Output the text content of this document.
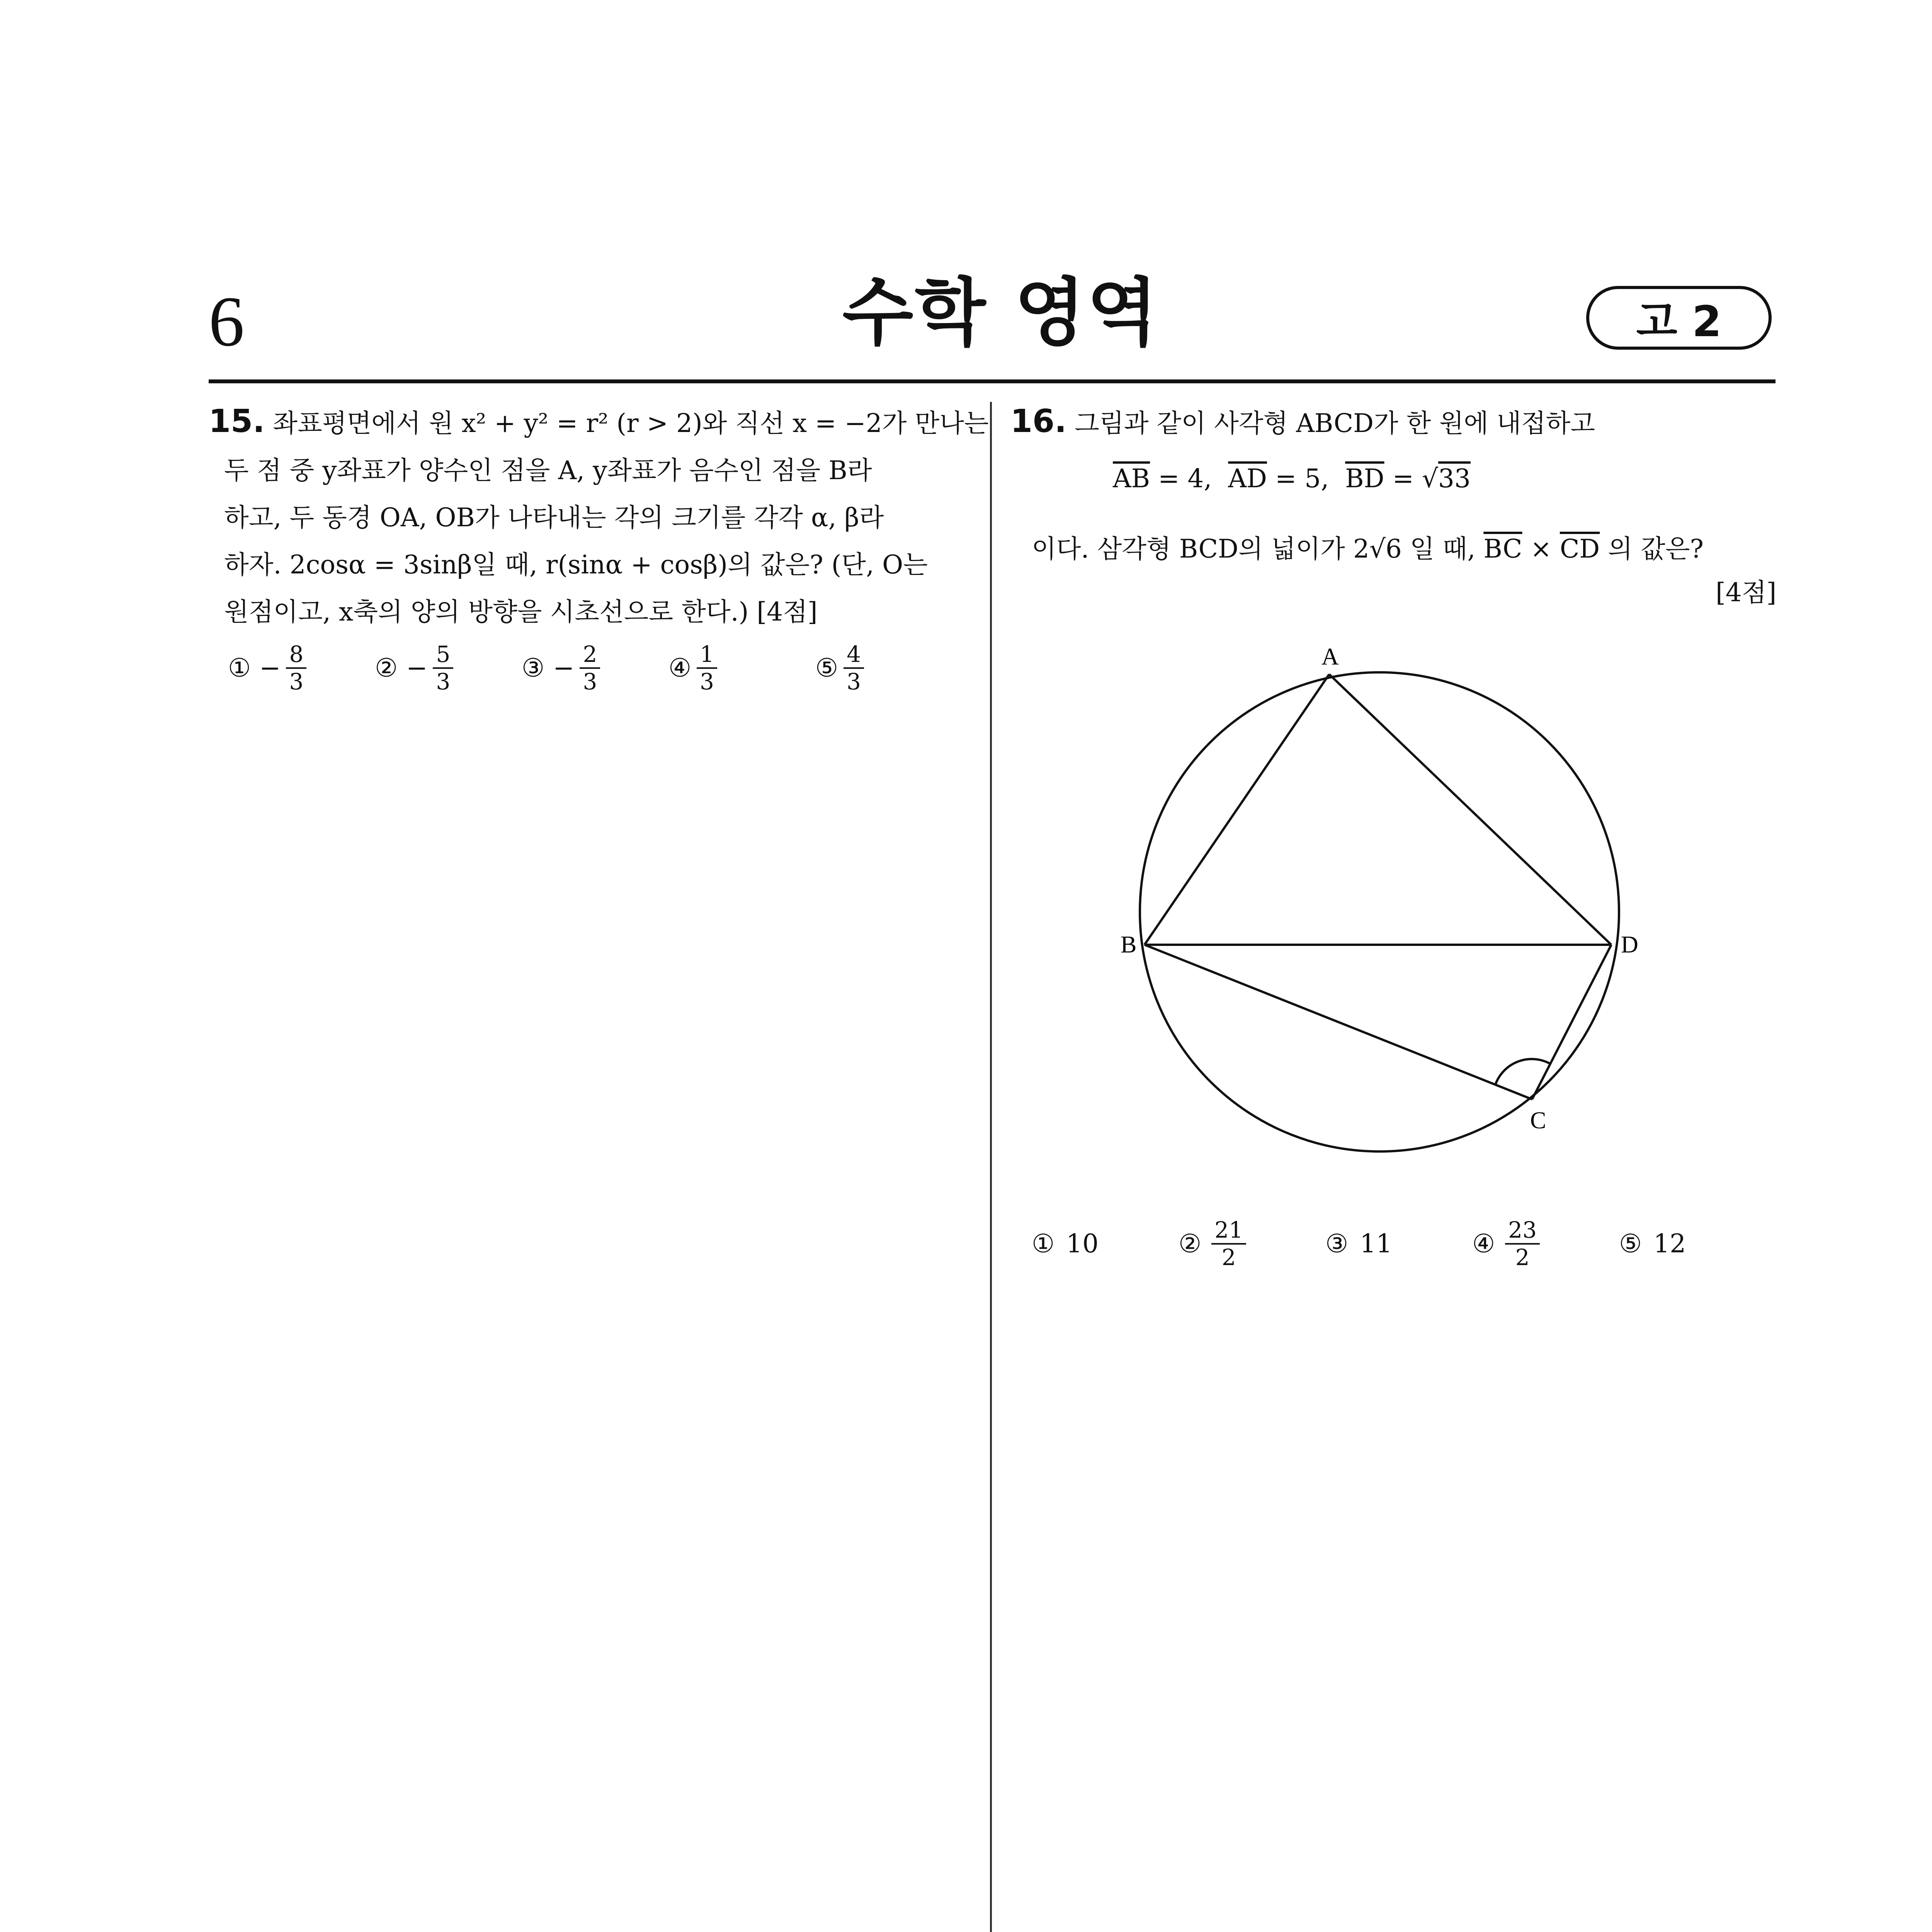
6	수학 영역	고 2
15. 좌표평면에서 원 x² + y² = r² (r > 2)와 직선 x = −2가 만나는
두 점 중 y좌표가 양수인 점을 A, y좌표가 음수인 점을 B라
하고, 두 동경 OA, OB가 나타내는 각의 크기를 각각 α, β라
하자. 2cosα = 3sinβ일 때, r(sinα + cosβ)의 값은? (단, O는
원점이고, x축의 양의 방향을 시초선으로 한다.) [4점]
① − $\frac{8}{3}$	② − $\frac{5}{3}$	③ − $\frac{2}{3}$	④ $\frac{1}{3}$	⑤ $\frac{4}{3}$
16. 그림과 같이 사각형 ABCD가 한 원에 내접하고
$\overline{AB} = 4$,  $\overline{AD} = 5$,  $\overline{BD} = √33$
이다. 삼각형 BCD의 넓이가 2√6 일 때, $\overline{BC} \times \overline{CD}$ 의 값은?
[4점]
A
B
C
D
① 10	② $\frac{21}{2}$	③ 11	④ $\frac{23}{2}$	⑤ 12
